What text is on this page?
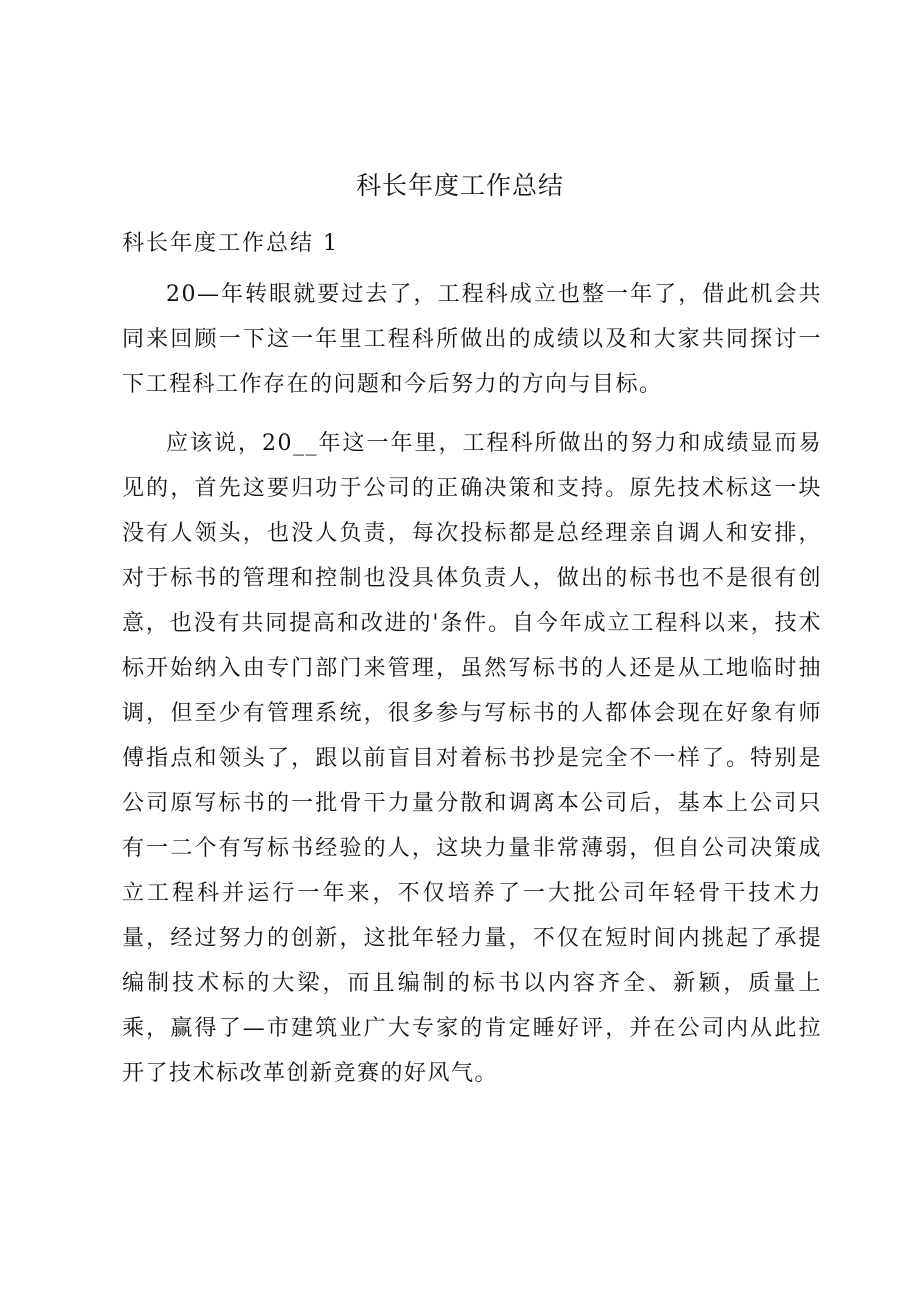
科长年度工作总结

科长年度工作总结 1

20—年转眼就要过去了，工程科成立也整一年了，借此机会共同来回顾一下这一年里工程科所做出的成绩以及和大家共同探讨一下工程科工作存在的问题和今后努力的方向与目标。

应该说，20__年这一年里，工程科所做出的努力和成绩显而易见的，首先这要归功于公司的正确决策和支持。原先技术标这一块没有人领头，也没人负责，每次投标都是总经理亲自调人和安排，对于标书的管理和控制也没具体负责人，做出的标书也不是很有创意，也没有共同提高和改进的'条件。自今年成立工程科以来，技术标开始纳入由专门部门来管理，虽然写标书的人还是从工地临时抽调，但至少有管理系统，很多参与写标书的人都体会现在好象有师傅指点和领头了，跟以前盲目对着标书抄是完全不一样了。特别是公司原写标书的一批骨干力量分散和调离本公司后，基本上公司只有一二个有写标书经验的人，这块力量非常薄弱，但自公司决策成立工程科并运行一年来，不仅培养了一大批公司年轻骨干技术力量，经过努力的创新，这批年轻力量，不仅在短时间内挑起了承提编制技术标的大梁，而且编制的标书以内容齐全、新颖，质量上乘，赢得了—市建筑业广大专家的肯定睡好评，并在公司内从此拉开了技术标改革创新竞赛的好风气。
